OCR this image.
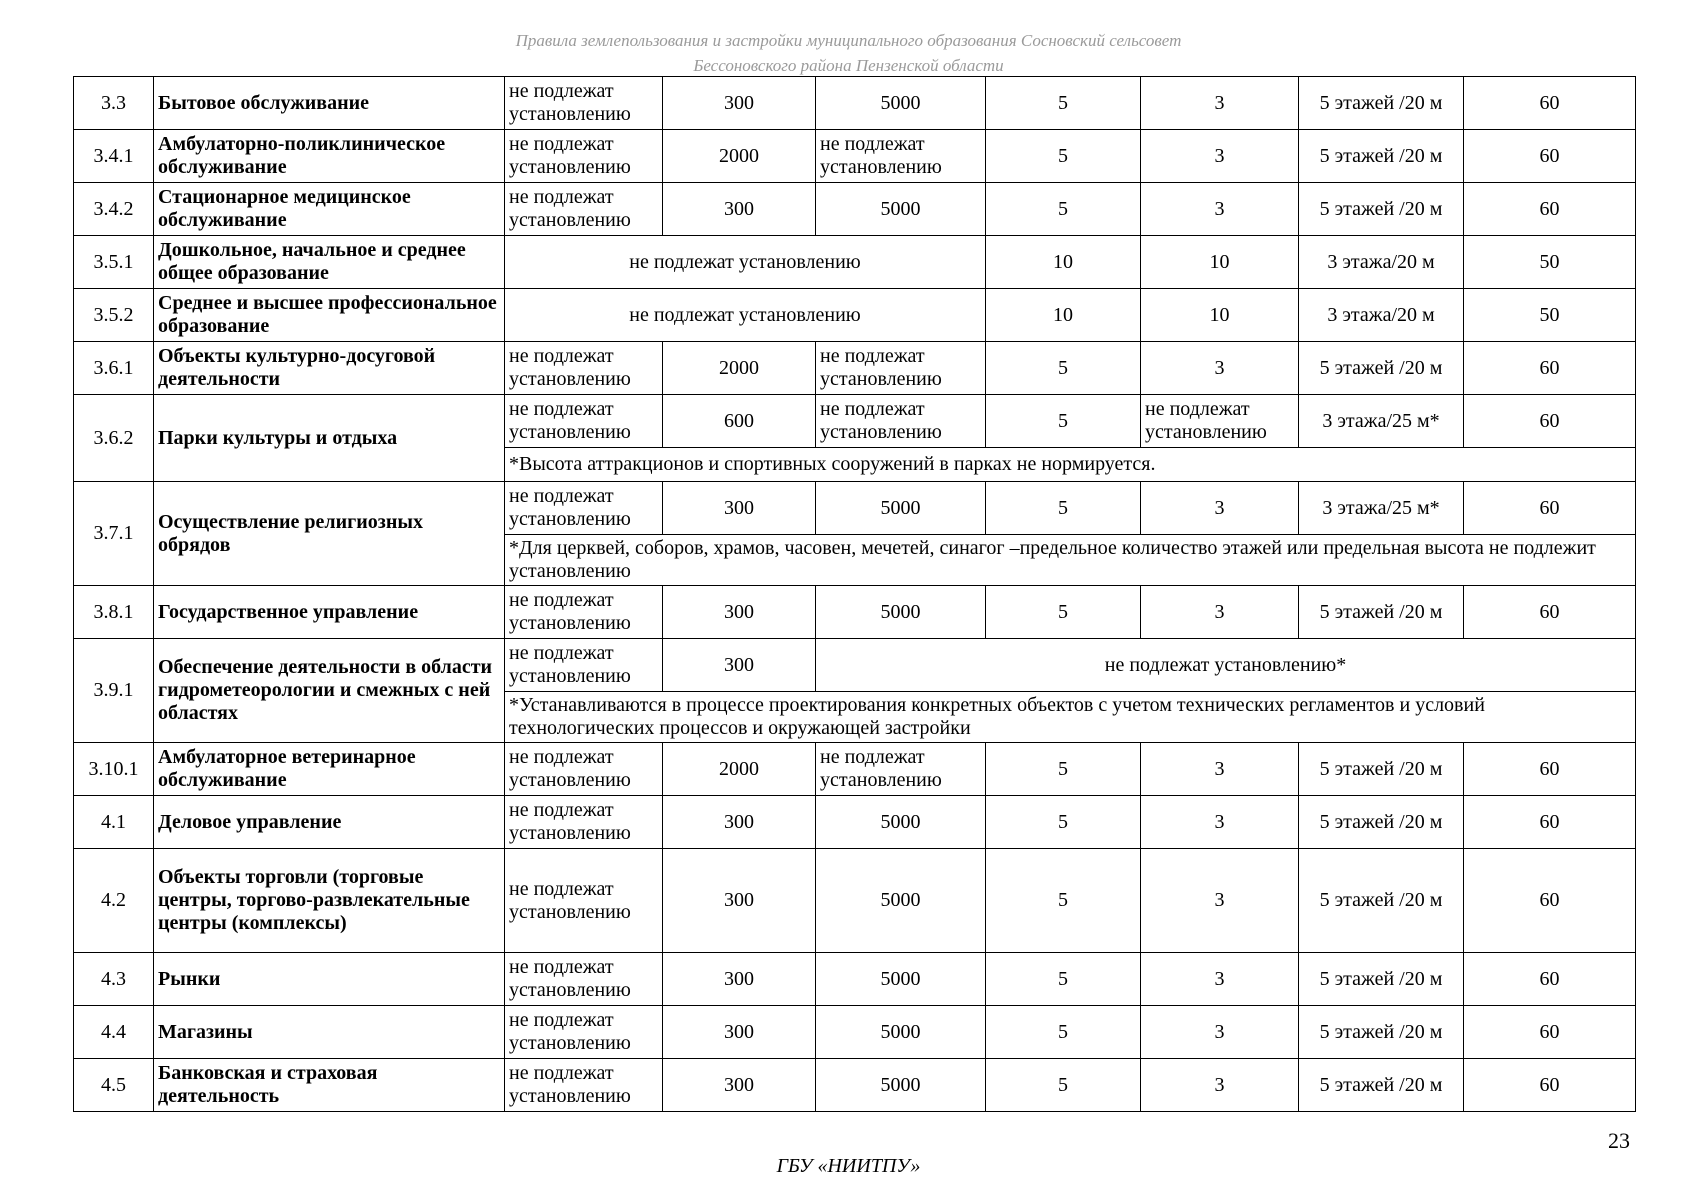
Правила землепользования и застройки муниципального образования Сосновский сельсовет
Бессоновского района Пензенской области
3.3	Бытовое обслуживание	не подлежат установлению	300	5000	5	3	5 этажей /20 м	60
3.4.1	Амбулаторно-поликлиническое обслуживание	не подлежат установлению	2000	не подлежат установлению	5	3	5 этажей /20 м	60
3.4.2	Стационарное медицинское обслуживание	не подлежат установлению	300	5000	5	3	5 этажей /20 м	60
3.5.1	Дошкольное, начальное и среднее общее образование	не подлежат установлению			10	10	3 этажа/20 м	50
3.5.2	Среднее и высшее профессиональное образование	не подлежат установлению			10	10	3 этажа/20 м	50
3.6.1	Объекты культурно-досуговой деятельности	не подлежат установлению	2000	не подлежат установлению	5	3	5 этажей /20 м	60
3.6.2	Парки культуры и отдыха	не подлежат установлению	600	не подлежат установлению	5	не подлежат установлению	3 этажа/25 м*	60
		*Высота аттракционов и спортивных сооружений в парках не нормируется.						
3.7.1	Осуществление религиозных обрядов	не подлежат установлению	300	5000	5	3	3 этажа/25 м*	60
		*Для церквей, соборов, храмов, часовен, мечетей, синагог –предельное количество этажей или предельная высота не подлежит установлению						
3.8.1	Государственное управление	не подлежат установлению	300	5000	5	3	5 этажей /20 м	60
3.9.1	Обеспечение деятельности в области гидрометеорологии и смежных с ней областях	не подлежат установлению	300	не подлежат установлению*				
		*Устанавливаются в процессе проектирования конкретных объектов с учетом технических регламентов и условий технологических процессов и окружающей застройки						
3.10.1	Амбулаторное ветеринарное обслуживание	не подлежат установлению	2000	не подлежат установлению	5	3	5 этажей /20 м	60
4.1	Деловое управление	не подлежат установлению	300	5000	5	3	5 этажей /20 м	60
4.2	Объекты торговли (торговые центры, торгово-развлекательные центры (комплексы)	не подлежат установлению	300	5000	5	3	5 этажей /20 м	60
4.3	Рынки	не подлежат установлению	300	5000	5	3	5 этажей /20 м	60
4.4	Магазины	не подлежат установлению	300	5000	5	3	5 этажей /20 м	60
4.5	Банковская и страховая деятельность	не подлежат установлению	300	5000	5	3	5 этажей /20 м	60
23
ГБУ «НИИТПУ»
